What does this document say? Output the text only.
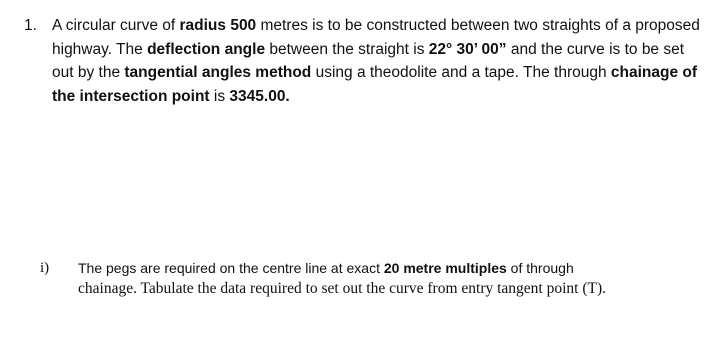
1. A circular curve of radius 500 metres is to be constructed between two straights of a proposed highway. The deflection angle between the straight is 22° 30’ 00” and the curve is to be set out by the tangential angles method using a theodolite and a tape. The through chainage of the intersection point is 3345.00.
i) The pegs are required on the centre line at exact 20 metre multiples of through
chainage. Tabulate the data required to set out the curve from entry tangent point (T).
